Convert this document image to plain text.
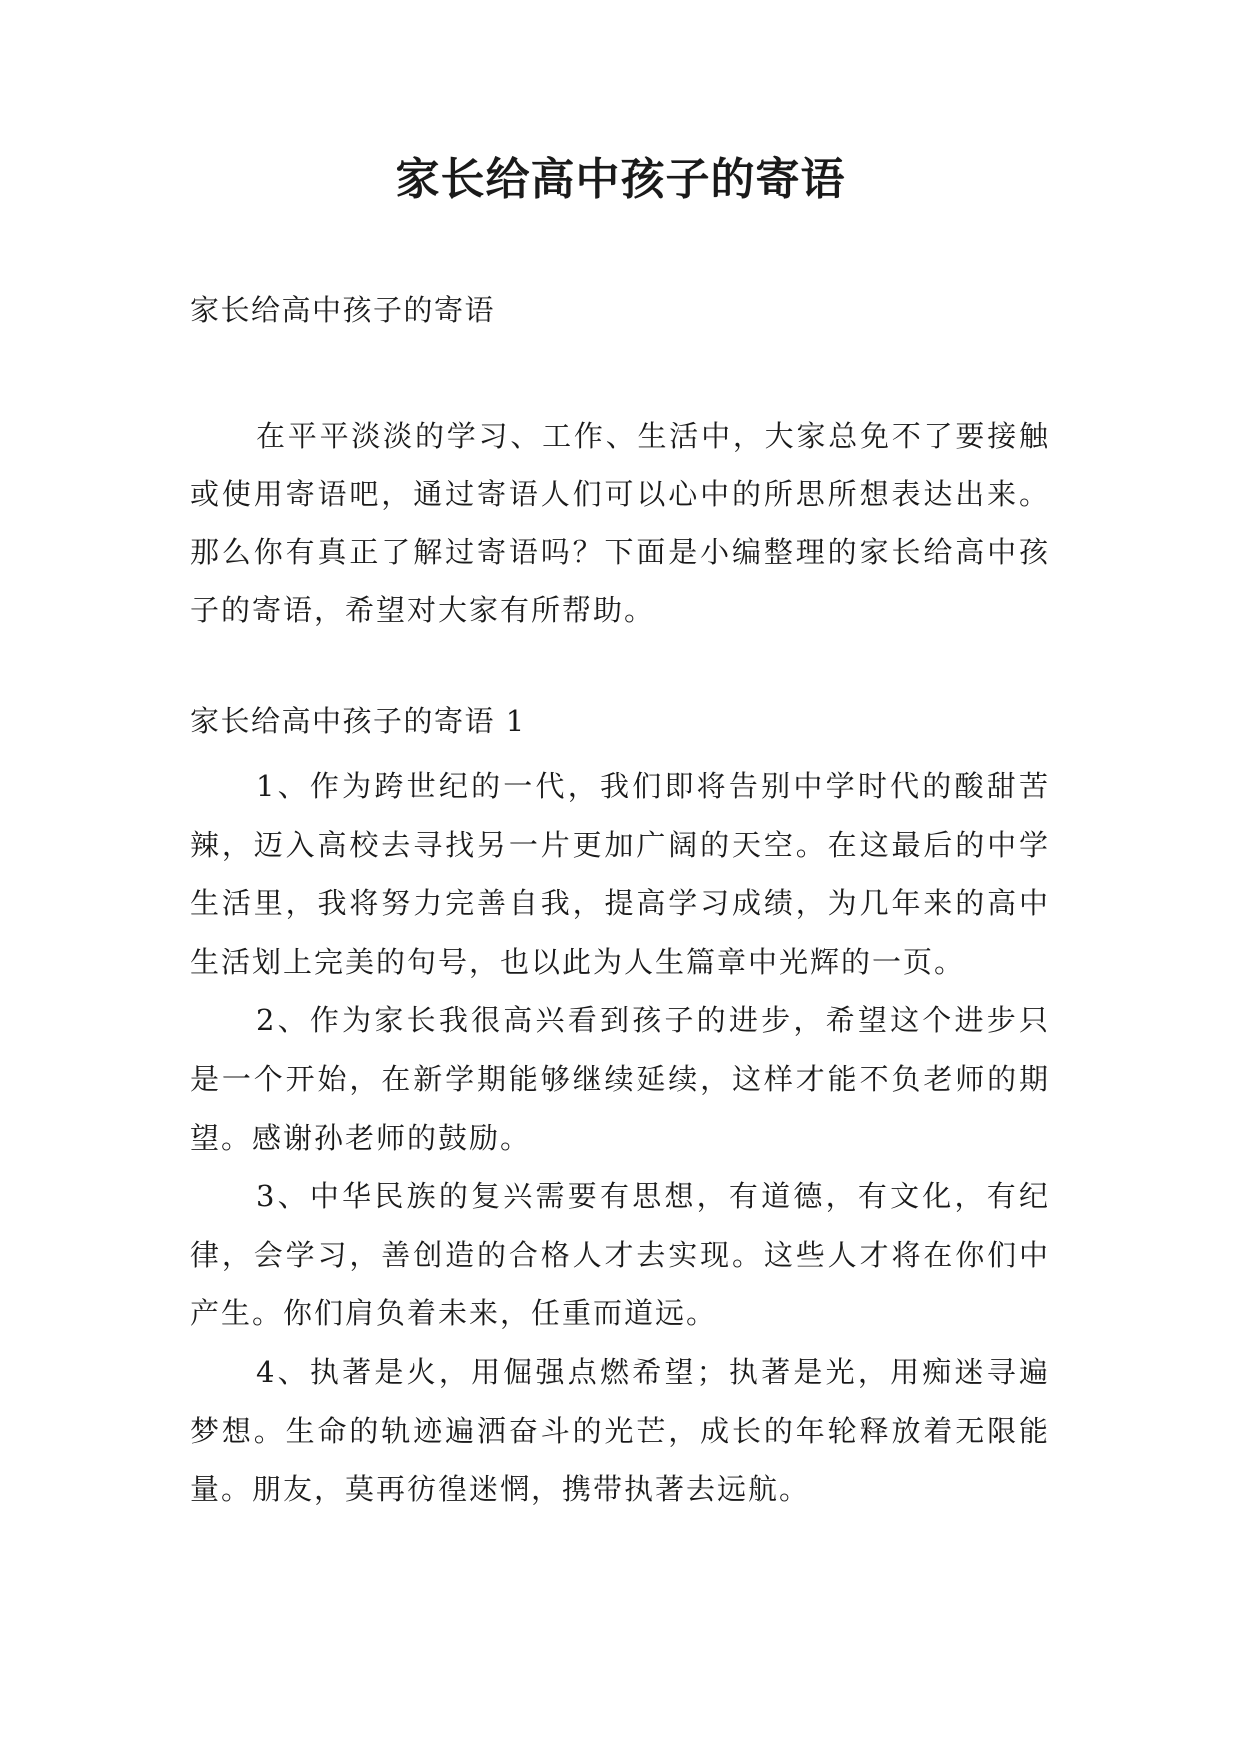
家长给高中孩子的寄语

家长给高中孩子的寄语

在平平淡淡的学习、工作、生活中，大家总免不了要接触或使用寄语吧，通过寄语人们可以心中的所思所想表达出来。那么你有真正了解过寄语吗？下面是小编整理的家长给高中孩子的寄语，希望对大家有所帮助。

家长给高中孩子的寄语 1

1、作为跨世纪的一代，我们即将告别中学时代的酸甜苦辣，迈入高校去寻找另一片更加广阔的天空。在这最后的中学生活里，我将努力完善自我，提高学习成绩，为几年来的高中生活划上完美的句号，也以此为人生篇章中光辉的一页。
2、作为家长我很高兴看到孩子的进步，希望这个进步只是一个开始，在新学期能够继续延续，这样才能不负老师的期望。感谢孙老师的鼓励。
3、中华民族的复兴需要有思想，有道德，有文化，有纪律，会学习，善创造的合格人才去实现。这些人才将在你们中产生。你们肩负着未来，任重而道远。
4、执著是火，用倔强点燃希望；执著是光，用痴迷寻遍梦想。生命的轨迹遍洒奋斗的光芒，成长的年轮释放着无限能量。朋友，莫再彷徨迷惘，携带执著去远航。
